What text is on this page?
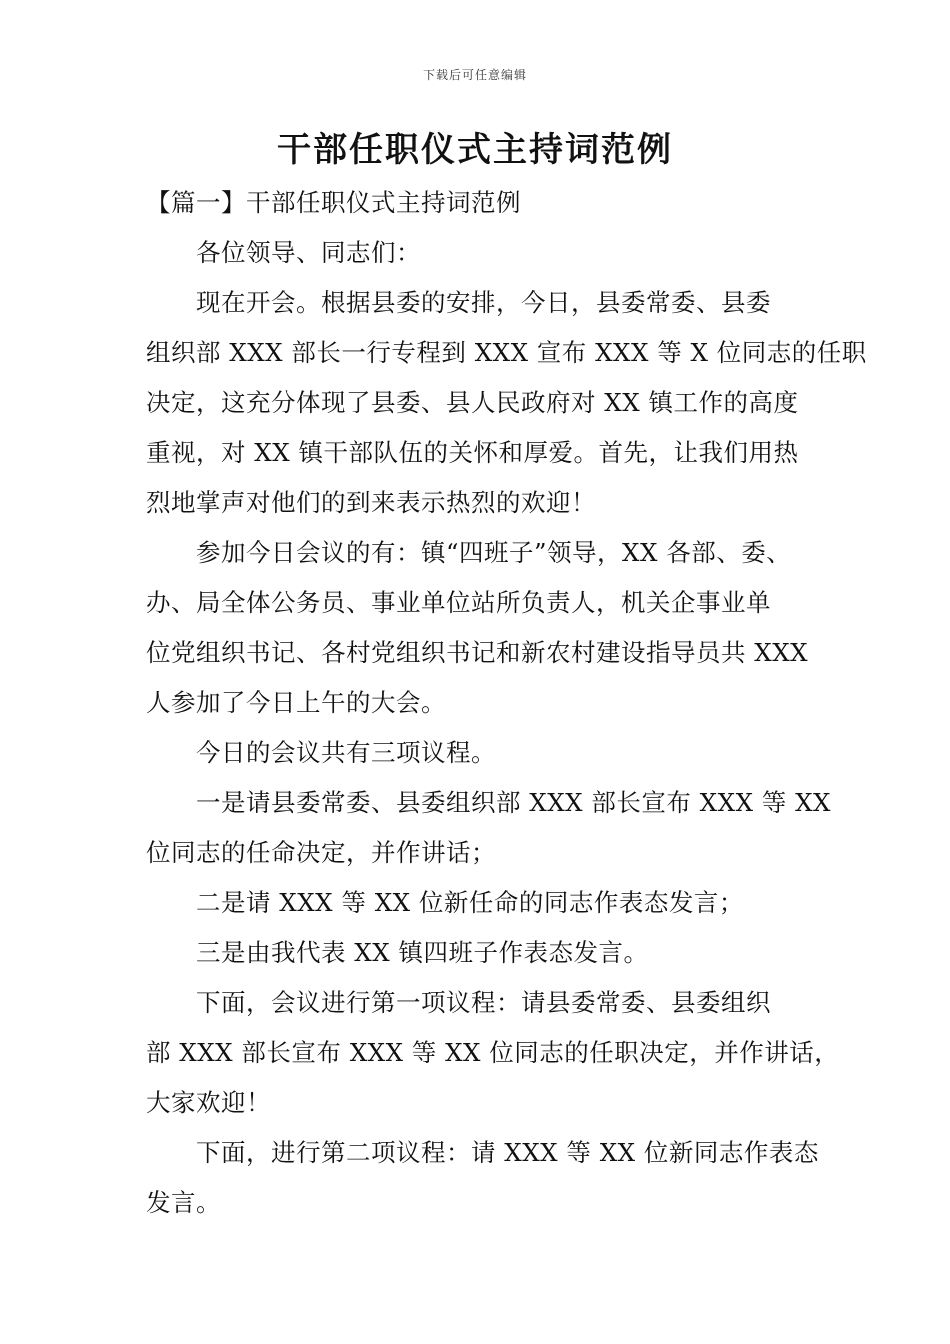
下载后可任意编辑
干部任职仪式主持词范例
【篇一】干部任职仪式主持词范例
各位领导、同志们：
现在开会。根据县委的安排，今日，县委常委、县委
组织部 XXX 部长一行专程到 XXX 宣布 XXX 等 X 位同志的任职
决定，这充分体现了县委、县人民政府对 XX 镇工作的高度
重视，对 XX 镇干部队伍的关怀和厚爱。首先，让我们用热
烈地掌声对他们的到来表示热烈的欢迎！
参加今日会议的有：镇“四班子”领导，XX 各部、委、
办、局全体公务员、事业单位站所负责人，机关企事业单
位党组织书记、各村党组织书记和新农村建设指导员共 XXX
人参加了今日上午的大会。
今日的会议共有三项议程。
一是请县委常委、县委组织部 XXX 部长宣布 XXX 等 XX
位同志的任命决定，并作讲话；
二是请 XXX 等 XX 位新任命的同志作表态发言；
三是由我代表 XX 镇四班子作表态发言。
下面，会议进行第一项议程：请县委常委、县委组织
部 XXX 部长宣布 XXX 等 XX 位同志的任职决定，并作讲话，
大家欢迎！
下面，进行第二项议程：请 XXX 等 XX 位新同志作表态
发言。
